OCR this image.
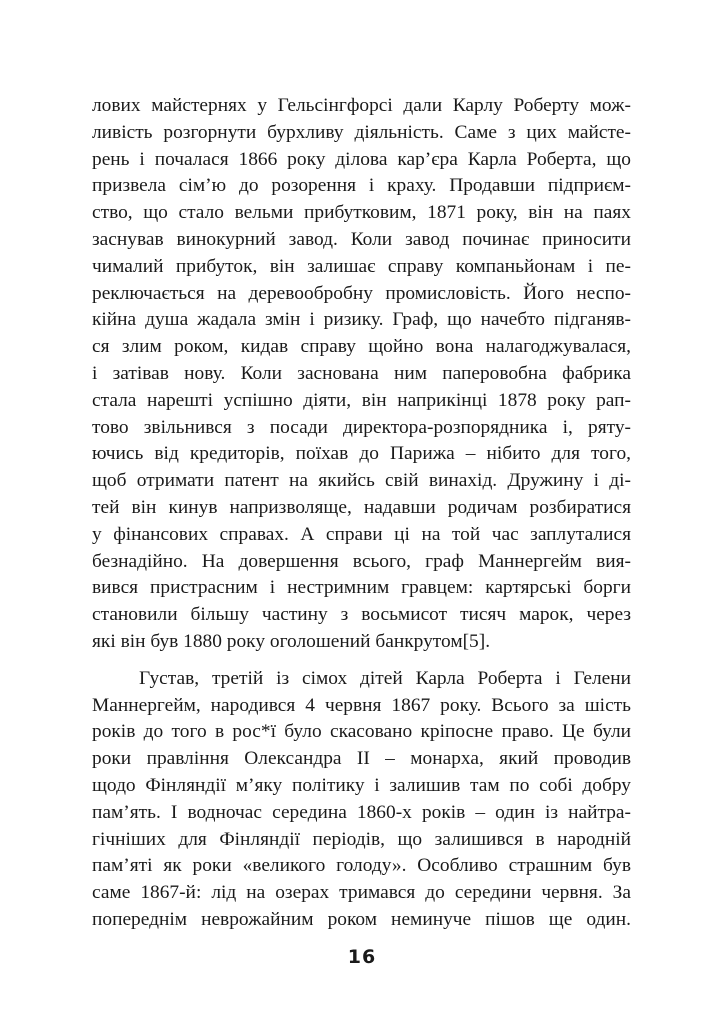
лових майстернях у Гельсінгфорсі дали Карлу Роберту мож-
ливість розгорнути бурхливу діяльність. Саме з цих майсте-
рень і почалася 1866 року ділова кар’єра Карла Роберта, що
призвела сім’ю до розорення і краху. Продавши підприєм-
ство, що стало вельми прибутковим, 1871 року, він на паях
заснував винокурний завод. Коли завод починає приносити
чималий прибуток, він залишає справу компаньйонам і пе-
реключається на деревообробну промисловість. Його неспо-
кійна душа жадала змін і ризику. Граф, що начебто підганяв-
ся злим роком, кидав справу щойно вона налагоджувалася,
і затівав нову. Коли заснована ним паперовобна фабрика
стала нарешті успішно діяти, він наприкінці 1878 року рап-
тово звільнився з посади директора-розпорядника і, ряту-
ючись від кредиторів, поїхав до Парижа – нібито для того,
щоб отримати патент на якийсь свій винахід. Дружину і ді-
тей він кинув напризволяще, надавши родичам розбиратися
у фінансових справах. А справи ці на той час заплуталися
безнадійно. На довершення всього, граф Маннергейм вия-
вився пристрасним і нестримним гравцем: картярські борги
становили більшу частину з восьмисот тисяч марок, через
які він був 1880 року оголошений банкрутом[5].
Густав, третій із сімох дітей Карла Роберта і Гелени
Маннергейм, народився 4 червня 1867 року. Всього за шість
років до того в рос*ї було скасовано кріпосне право. Це були
роки правління Олександра II – монарха, який проводив
щодо Фінляндії м’яку політику і залишив там по собі добру
пам’ять. І водночас середина 1860-х років – один із найтра-
гічніших для Фінляндії періодів, що залишився в народній
пам’яті як роки «великого голоду». Особливо страшним був
саме 1867-й: лід на озерах тримався до середини червня. За
попереднім неврожайним роком неминуче пішов ще один.
16
